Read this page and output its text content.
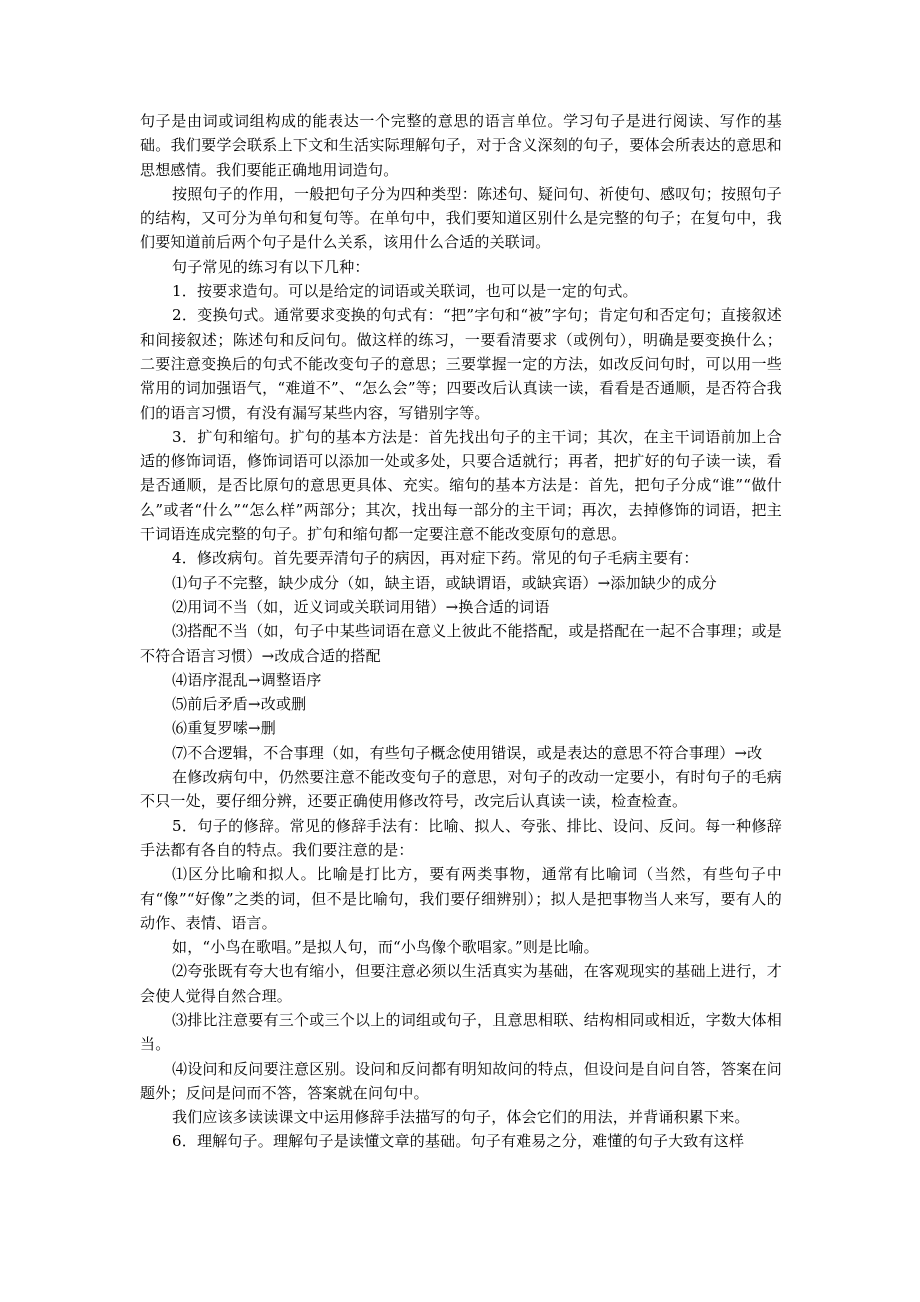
句子是由词或词组构成的能表达一个完整的意思的语言单位。学习句子是进行阅读、写作的基础。我们要学会联系上下文和生活实际理解句子，对于含义深刻的句子，要体会所表达的意思和思想感情。我们要能正确地用词造句。

按照句子的作用，一般把句子分为四种类型：陈述句、疑问句、祈使句、感叹句；按照句子的结构，又可分为单句和复句等。在单句中，我们要知道区别什么是完整的句子；在复句中，我们要知道前后两个句子是什么关系，该用什么合适的关联词。

句子常见的练习有以下几种：

1．按要求造句。可以是给定的词语或关联词，也可以是一定的句式。

2．变换句式。通常要求变换的句式有：“把”字句和“被”字句；肯定句和否定句；直接叙述和间接叙述；陈述句和反问句。做这样的练习，一要看清要求（或例句），明确是要变换什么；二要注意变换后的句式不能改变句子的意思；三要掌握一定的方法，如改反问句时，可以用一些常用的词加强语气，“难道不”、“怎么会”等；四要改后认真读一读，看看是否通顺，是否符合我们的语言习惯，有没有漏写某些内容，写错别字等。

3．扩句和缩句。扩句的基本方法是：首先找出句子的主干词；其次，在主干词语前加上合适的修饰词语，修饰词语可以添加一处或多处，只要合适就行；再者，把扩好的句子读一读，看是否通顺，是否比原句的意思更具体、充实。缩句的基本方法是：首先，把句子分成“谁”“做什么”或者“什么”“怎么样”两部分；其次，找出每一部分的主干词；再次，去掉修饰的词语，把主干词语连成完整的句子。扩句和缩句都一定要注意不能改变原句的意思。

4．修改病句。首先要弄清句子的病因，再对症下药。常见的句子毛病主要有：

⑴句子不完整，缺少成分（如，缺主语，或缺谓语，或缺宾语）→添加缺少的成分

⑵用词不当（如，近义词或关联词用错）→换合适的词语

⑶搭配不当（如，句子中某些词语在意义上彼此不能搭配，或是搭配在一起不合事理；或是不符合语言习惯）→改成合适的搭配

⑷语序混乱→调整语序

⑸前后矛盾→改或删

⑹重复罗嗦→删

⑺不合逻辑，不合事理（如，有些句子概念使用错误，或是表达的意思不符合事理）→改

在修改病句中，仍然要注意不能改变句子的意思，对句子的改动一定要小，有时句子的毛病不只一处，要仔细分辨，还要正确使用修改符号，改完后认真读一读，检查检查。

5．句子的修辞。常见的修辞手法有：比喻、拟人、夸张、排比、设问、反问。每一种修辞手法都有各自的特点。我们要注意的是：

⑴区分比喻和拟人。比喻是打比方，要有两类事物，通常有比喻词（当然，有些句子中有“像”“好像”之类的词，但不是比喻句，我们要仔细辨别）；拟人是把事物当人来写，要有人的动作、表情、语言。

如，“小鸟在歌唱。”是拟人句，而“小鸟像个歌唱家。”则是比喻。

⑵夸张既有夸大也有缩小，但要注意必须以生活真实为基础，在客观现实的基础上进行，才会使人觉得自然合理。

⑶排比注意要有三个或三个以上的词组或句子，且意思相联、结构相同或相近，字数大体相当。

⑷设问和反问要注意区别。设问和反问都有明知故问的特点，但设问是自问自答，答案在问题外；反问是问而不答，答案就在问句中。

我们应该多读读课文中运用修辞手法描写的句子，体会它们的用法，并背诵积累下来。

6．理解句子。理解句子是读懂文章的基础。句子有难易之分，难懂的句子大致有这样
